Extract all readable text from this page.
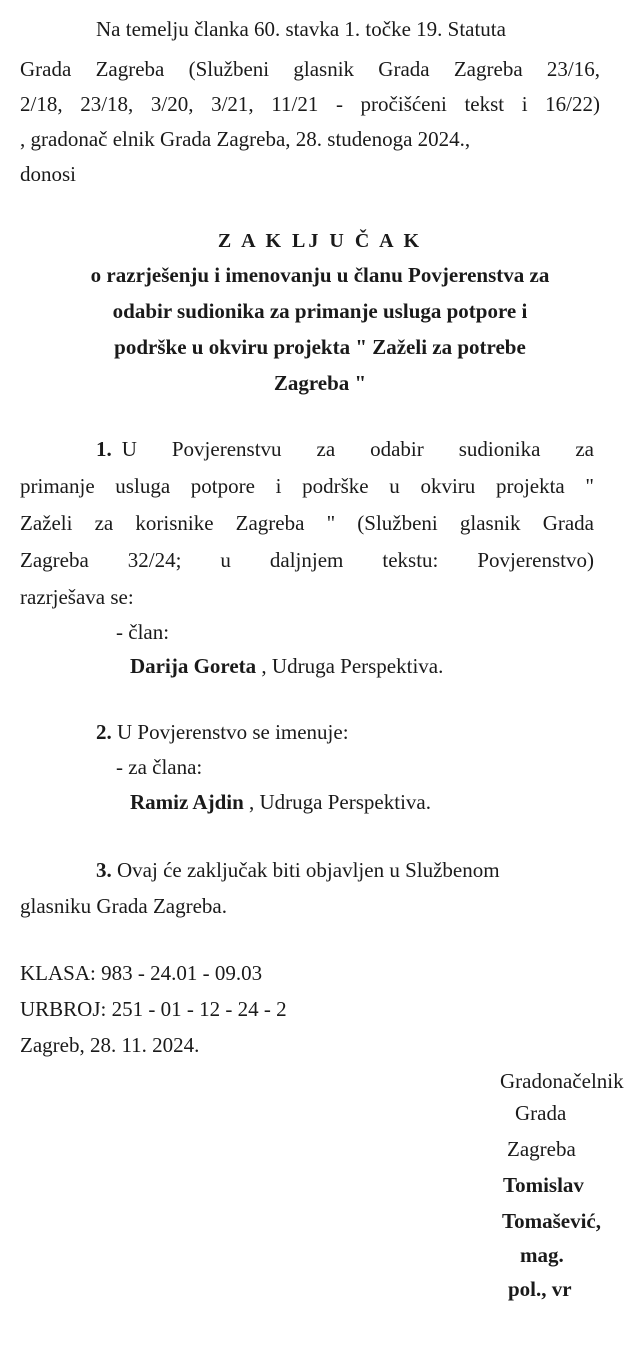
Na temelju članka 60. stavka 1. točke 19. Statuta
Grada Zagreba (Službeni glasnik Grada Zagreba 23/16,
2/18, 23/18, 3/20, 3/21, 11/21 - pročišćeni tekst i 16/22)
, gradonač elnik Grada Zagreba, 28. studenoga 2024.,
donosi
Z A K LJ U Č A K
o razrješenju i imenovanju u članu Povjerenstva za
odabir sudionika za primanje usluga potpore i
podrške u okviru projekta " Zaželi za potrebe
Zagreba "
1. U Povjerenstvu za odabir sudionika za
primanje usluga potpore i podrške u okviru projekta "
Zaželi za korisnike Zagreba " (Službeni glasnik Grada
Zagreba 32/24; u daljnjem tekstu: Povjerenstvo)
razrješava se:
- član:
Darija Goreta , Udruga Perspektiva.
2. U Povjerenstvo se imenuje:
- za člana:
Ramiz Ajdin , Udruga Perspektiva.
3. Ovaj će zaključak biti objavljen u Službenom
glasniku Grada Zagreba.
KLASA: 983 - 24.01 - 09.03
URBROJ: 251 - 01 - 12 - 24 - 2
Zagreb, 28. 11. 2024.
Gradonačelnik
Grada
Zagreba
Tomislav
Tomašević,
mag.
pol., vr
